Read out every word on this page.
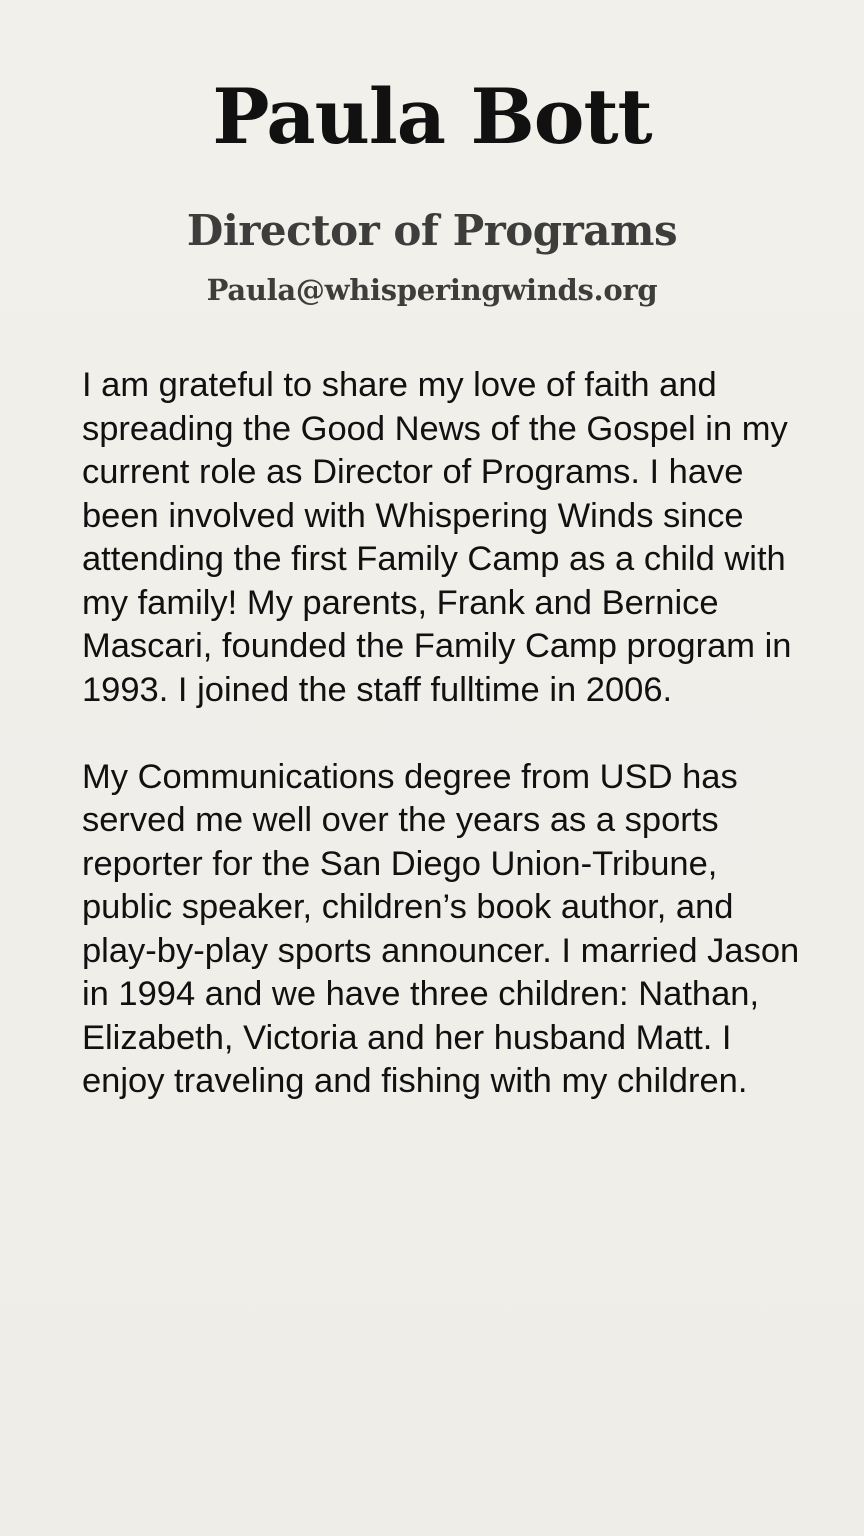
Paula Bott
Director of Programs
Paula@whisperingwinds.org

I am grateful to share my love of faith and spreading the Good News of the Gospel in my current role as Director of Programs. I have been involved with Whispering Winds since attending the first Family Camp as a child with my family! My parents, Frank and Bernice Mascari, founded the Family Camp program in 1993. I joined the staff fulltime in 2006.

My Communications degree from USD has served me well over the years as a sports reporter for the San Diego Union-Tribune, public speaker, children’s book author, and play-by-play sports announcer. I married Jason in 1994 and we have three children: Nathan, Elizabeth, Victoria and her husband Matt. I enjoy traveling and fishing with my children.
